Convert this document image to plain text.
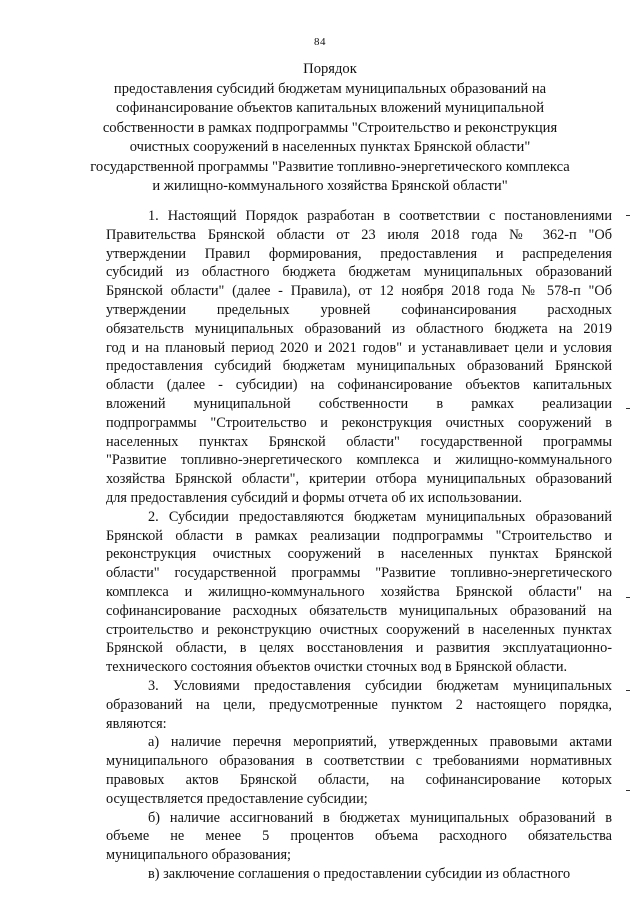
84
Порядок
предоставления субсидий бюджетам муниципальных образований на
софинансирование объектов капитальных вложений муниципальной
собственности в рамках подпрограммы "Строительство и реконструкция
очистных сооружений в населенных пунктах Брянской области"
государственной программы "Развитие топливно-энергетического комплекса
и жилищно-коммунального хозяйства Брянской области"
1. Настоящий Порядок разработан в соответствии с постановлениями
Правительства Брянской области от 23 июля 2018 года № 362-п "Об
утверждении Правил формирования, предоставления и распределения
субсидий из областного бюджета бюджетам муниципальных образований
Брянской области" (далее - Правила), от 12 ноября 2018 года № 578-п "Об
утверждении предельных уровней софинансирования расходных
обязательств муниципальных образований из областного бюджета на 2019
год и на плановый период 2020 и 2021 годов" и устанавливает цели и условия
предоставления субсидий бюджетам муниципальных образований Брянской
области (далее - субсидии) на софинансирование объектов капитальных
вложений муниципальной собственности в рамках реализации
подпрограммы "Строительство и реконструкция очистных сооружений в
населенных пунктах Брянской области" государственной программы
"Развитие топливно-энергетического комплекса и жилищно-коммунального
хозяйства Брянской области", критерии отбора муниципальных образований
для предоставления субсидий и формы отчета об их использовании.
2. Субсидии предоставляются бюджетам муниципальных образований
Брянской области в рамках реализации подпрограммы "Строительство и
реконструкция очистных сооружений в населенных пунктах Брянской
области" государственной программы "Развитие топливно-энергетического
комплекса и жилищно-коммунального хозяйства Брянской области" на
софинансирование расходных обязательств муниципальных образований на
строительство и реконструкцию очистных сооружений в населенных пунктах
Брянской области, в целях восстановления и развития эксплуатационно-
технического состояния объектов очистки сточных вод в Брянской области.
3. Условиями предоставления субсидии бюджетам муниципальных
образований на цели, предусмотренные пунктом 2 настоящего порядка,
являются:
а) наличие перечня мероприятий, утвержденных правовыми актами
муниципального образования в соответствии с требованиями нормативных
правовых актов Брянской области, на софинансирование которых
осуществляется предоставление субсидии;
б) наличие ассигнований в бюджетах муниципальных образований в
объеме не менее 5 процентов объема расходного обязательства
муниципального образования;
в) заключение соглашения о предоставлении субсидии из областного
